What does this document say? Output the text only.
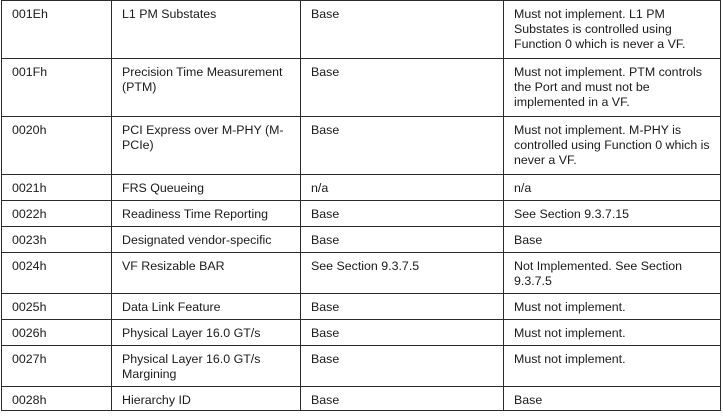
001Eh	L1 PM Substates	Base	Must not implement. L1 PM Substates is controlled using Function 0 which is never a VF.
001Fh	Precision Time Measurement (PTM)	Base	Must not implement. PTM controls the Port and must not be implemented in a VF.
0020h	PCI Express over M-PHY (M-PCIe)	Base	Must not implement. M-PHY is controlled using Function 0 which is never a VF.
0021h	FRS Queueing	n/a	n/a
0022h	Readiness Time Reporting	Base	See Section 9.3.7.15
0023h	Designated vendor-specific	Base	Base
0024h	VF Resizable BAR	See Section 9.3.7.5	Not Implemented. See Section 9.3.7.5
0025h	Data Link Feature	Base	Must not implement.
0026h	Physical Layer 16.0 GT/s	Base	Must not implement.
0027h	Physical Layer 16.0 GT/s Margining	Base	Must not implement.
0028h	Hierarchy ID	Base	Base
